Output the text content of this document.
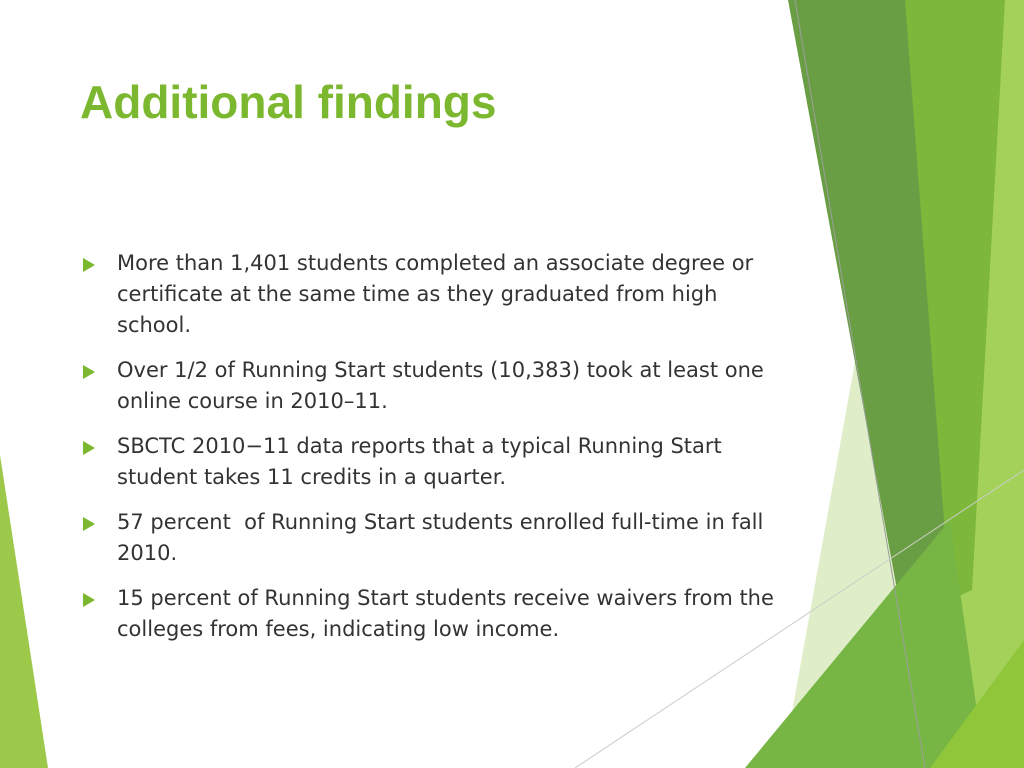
Additional findings
More than 1,401 students completed an associate degree or certificate at the same time as they graduated from high school.
Over 1/2 of Running Start students (10,383) took at least one online course in 2010–11.
SBCTC 2010−11 data reports that a typical Running Start student takes 11 credits in a quarter.
57 percent  of Running Start students enrolled full-time in fall 2010.
15 percent of Running Start students receive waivers from the colleges from fees, indicating low income.
